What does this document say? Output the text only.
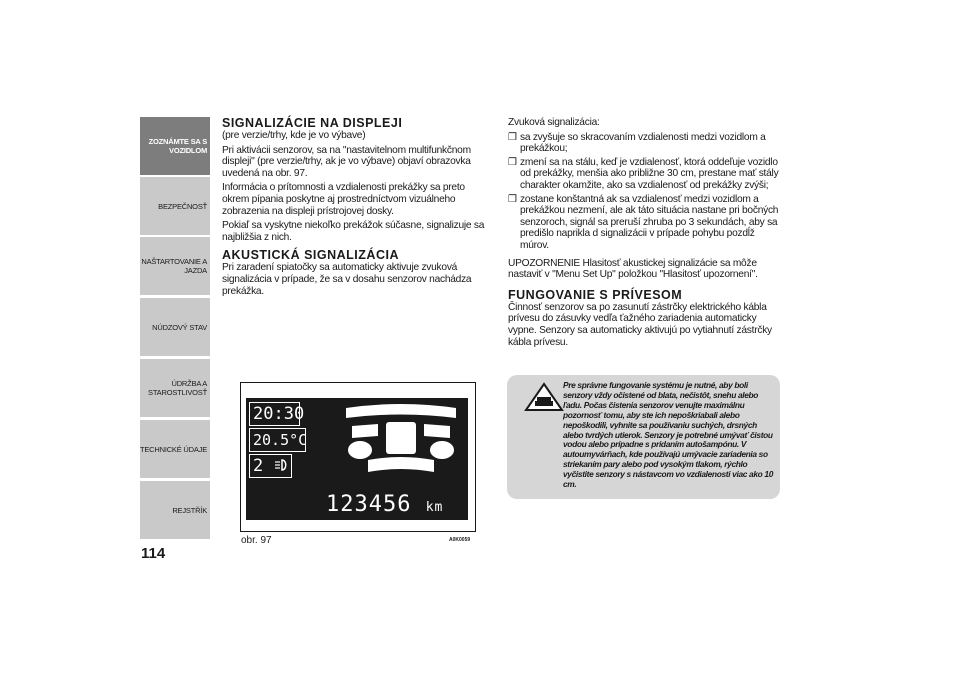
ZOZNÁMTE SA S
VOZIDLOM
BEZPEČNOSŤ
NAŠTARTOVANIE A
JAZDA
NÚDZOVÝ STAV
ÚDRŽBA A
STAROSTLIVOSŤ
TECHNICKÉ ÚDAJE
REJSTŘÍK
114
SIGNALIZÁCIE NA DISPLEJI

(pre verzie/trhy, kde je vo výbave)

Pri aktivácii senzorov, sa na "nastavitelnom multifunkčnom displeji" (pre verzie/trhy, ak je vo výbave) objaví obrazovka uvedená na obr. 97.

Informácia o prítomnosti a vzdialenosti prekážky sa preto okrem pípania poskytne aj prostredníctvom vizuálneho zobrazenia na displeji prístrojovej dosky.

Pokiaľ sa vyskytne niekoľko prekážok súčasne, signalizuje sa najbližšia z nich.

AKUSTICKÁ SIGNALIZÁCIA

Pri zaradení spiatočky sa automaticky aktivuje zvuková signalizácia v prípade, že sa v dosahu senzorov nachádza prekážka.

Zvuková signalizácia:

❒ sa zvyšuje so skracovaním vzdialenosti medzi vozidlom a prekážkou;
❒ zmení sa na stálu, keď je vzdialenosť, ktorá oddeľuje vozidlo od prekážky, menšia ako približne 30 cm, prestane mať stály charakter okamžite, ako sa vzdialenosť od prekážky zvýši;
❒ zostane konštantná ak sa vzdialenosť medzi vozidlom a prekážkou nezmení, ale ak táto situácia nastane pri bočných senzoroch, signál sa preruší zhruba po 3 sekundách, aby sa predišlo naprikla d signalizácii v prípade pohybu pozdĺž múrov.

UPOZORNENIE Hlasitosť akustickej signalizácie sa môže nastaviť v "Menu Set Up" položkou "Hlasitosť upozornení".

FUNGOVANIE S PRÍVESOM

Činnosť senzorov sa po zasunutí zástrčky elektrického kábla prívesu do zásuvky vedľa ťažného zariadenia automaticky vypne. Senzory sa automaticky aktivujú po vytiahnutí zástrčky kábla prívesu.

Pre správne fungovanie systému je nutné, aby boli senzory vždy očistené od blata, nečistôt, snehu alebo ľadu. Počas čistenia senzorov venujte maximálnu pozornosť tomu, aby ste ich nepoškriabali alebo nepoškodili, vyhnite sa používaniu suchých, drsných alebo tvrdých utierok. Senzory je potrebné umývať čistou vodou alebo prípadne s pridaním autošampónu. V autoumyvárňach, kde používajú umývacie zariadenia so striekaním pary alebo pod vysokým tlakom, rýchlo vyčistite senzory s nástavcom vo vzdialenosti viac ako 10 cm.
20:30
20.5°C
2
123456 km
obr. 97	A0K0059
